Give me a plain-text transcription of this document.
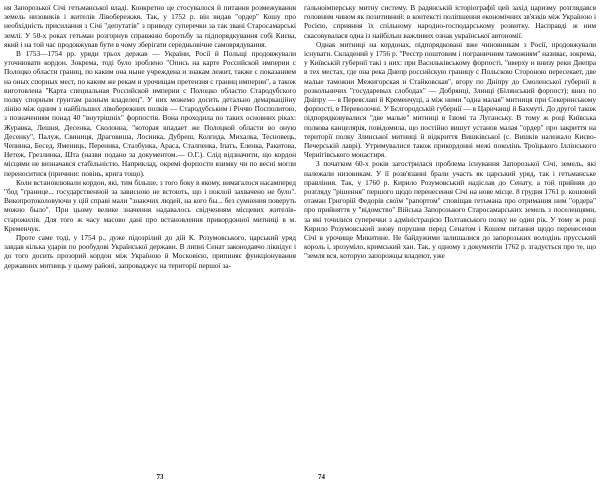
ня Запорозької Січі гетьманської владі. Конкретно це стосувалося й питання розмежування земель низовиків і жителів Лівобережжя. Так, у 1752 р. він видав "ордер" Кошу про необхідність присилання з Січі "депутатів" з приводу суперечки за так звані Старосамарські землі. У 50-х роках гетьман розгорнув справжню боротьбу за підпорядкування собі Києва, який і на той час продовжував бути в чому зберігати середньовічне самоврядування.

В 1753—1754 рр. уряди трьох держав — України, Росії й Польщі продовжували уточнювати кордон. Зокрема, тоді було зроблено "Опись на карте Российской империи с Полоцко области границ, по каким она ныне учреждена и знакам лежит, также с показанием на оных спорных мест, по каким же рекам и урочищам претензия с границ империи", а також виготовлена "Карта специальная Российской империи с Полоцко областю Стародубского полку спорным грунтам разным владелец". У них можемо досить детально демаркаційну лінію між одним з найбільших лівобережних полків — Стародубським і Річчю Посполитою, з позначенням понад 40 "внутрішніх" форпостів. Вона проходила по таких основних ріках: Журавка, Лешня, Десенка, Сколонна, "которая впадает же Полоцкой области во оную Десенку", Палуж, Свиниця, Драговиша, Лосинка, Дубреш, Колгида, Михалка, Тесновець, Чепинка, Бесед, Ямениць, Переника, Сталбунка, Араса, Сталпенка, Іпать, Еленка, Ракитова, Нетеж, Грезлинка, Шта (назви подано за документом.— О.Г.). Слід відзначити, що кордон місцями не визначався стабільністю. Наприклад, окремі форпости взимку чи по весні могли переноситися (причини: повінь, крига тощо).

Коли встановлювали кордон, які, тим більше, з того боку в якому, вимагалося насамперед "бод "границе... государственной за зависною не встоють, що і поклой захвачено не було". Викопротоколовуючи у цій справі мали "знаючих людей, на кого бы... без сумнения поверуть можно было". При цьому велике значення надавалось свідченням місцевих жителів-старожилів. Для того ж часу масово дані про встановлення прикордонної митниці в м. Кременчук.

Проте саме тоді, у 1754 р., дуже підозрілий до дій К. Розумовського, царський уряд завдав кілька ударів по рообудові Української держави. В липні Сенат законодавчо ліквідує і до того досить прозорий кордон між Україною й Московією, припиняє функціонування державних митниць у цьому районі, запроваджує на території першої за-

73

гальноімперську митну систему. В радянській історіографії цей захід царизму розглядався головним чином як позитивний: в контексті поліпшення економічних зв'язків між Україною і Росією, сприяння їх спільному народно-господарському розвитку. Насправді ж ним скасовувалася одна із найбільш важливих ознак української автономії.

Однак митниці на кордонах, підпорядковані вже чиновникам з Росії, продовжували існувати. Складений у 1756 р. "Реєстр поштовим і пограничним таможням" називає, зокрема, у Київській губернії такі з них: при Васильківському форпості, "вверху и внизу реки Днепра в тех местах, где она река Днепр российскую границу с Польскою Стороною пересекает, две малые таможни Межигорская и Стайковская", вгору по Дніпру до Смоленської губернії в розкольничих "государевых слободах" — Добрянці, Злинці (Білянський форпост); вниз по Дніпру — в Переяславі й Кременчуці, а між ними "одна малая" митниця при Секеринському форпості, в Переволочні. У Бєлгородській губернії — в Царичанці й Бахмуті. До другої також підпорядковувалися "две малые" митниці в Ізюмі та Луганську. В тому ж році Київська полкова канцелярія, повідомила, що постійно вишут установ малая "ордер" про закриття на території полку Злинської митниці й відкриття Вишківської (с. Вишків належало Києво-Печерській лаврі). Утримувалися також прикордонні межі поколінь Троїцького Іллінського Чернігівського монастиря.

З початком 60-х років загострилася проблема існування Запорозької Січі, земель, які належали низовикам. У її розв'язанні брали участь як царський уряд, так і гетьманське правління. Так, у 1760 р. Кирило Розумовський надіслав до Сенату, а той прийняв до розгляду "рішення" першого щодо перенесення Січі на нове місце. 8 грудня 1761 р. кошовий отаман Григорій Федорів своїм "рапортом" сповіщав гетьмана про отримання ним "ордера" про прийняття у "відомство" Війська Запорозького Старосамарських земель з поселенцями, за які точилися суперечки з адміністрацією Полтавського полку не один рік. У тому ж році Кирило Розумовський знову порушив перед Сенатом і Кошем питання щодо перенесення Січі в урочище Микитине. Не байдужими залишалися до запорозьких володінь прусський король і, зрозуміло, кримський хан. Так, у одному з документів 1762 р. згадується про те, що "земля вся, которую запорожцы владеют, уже

74
